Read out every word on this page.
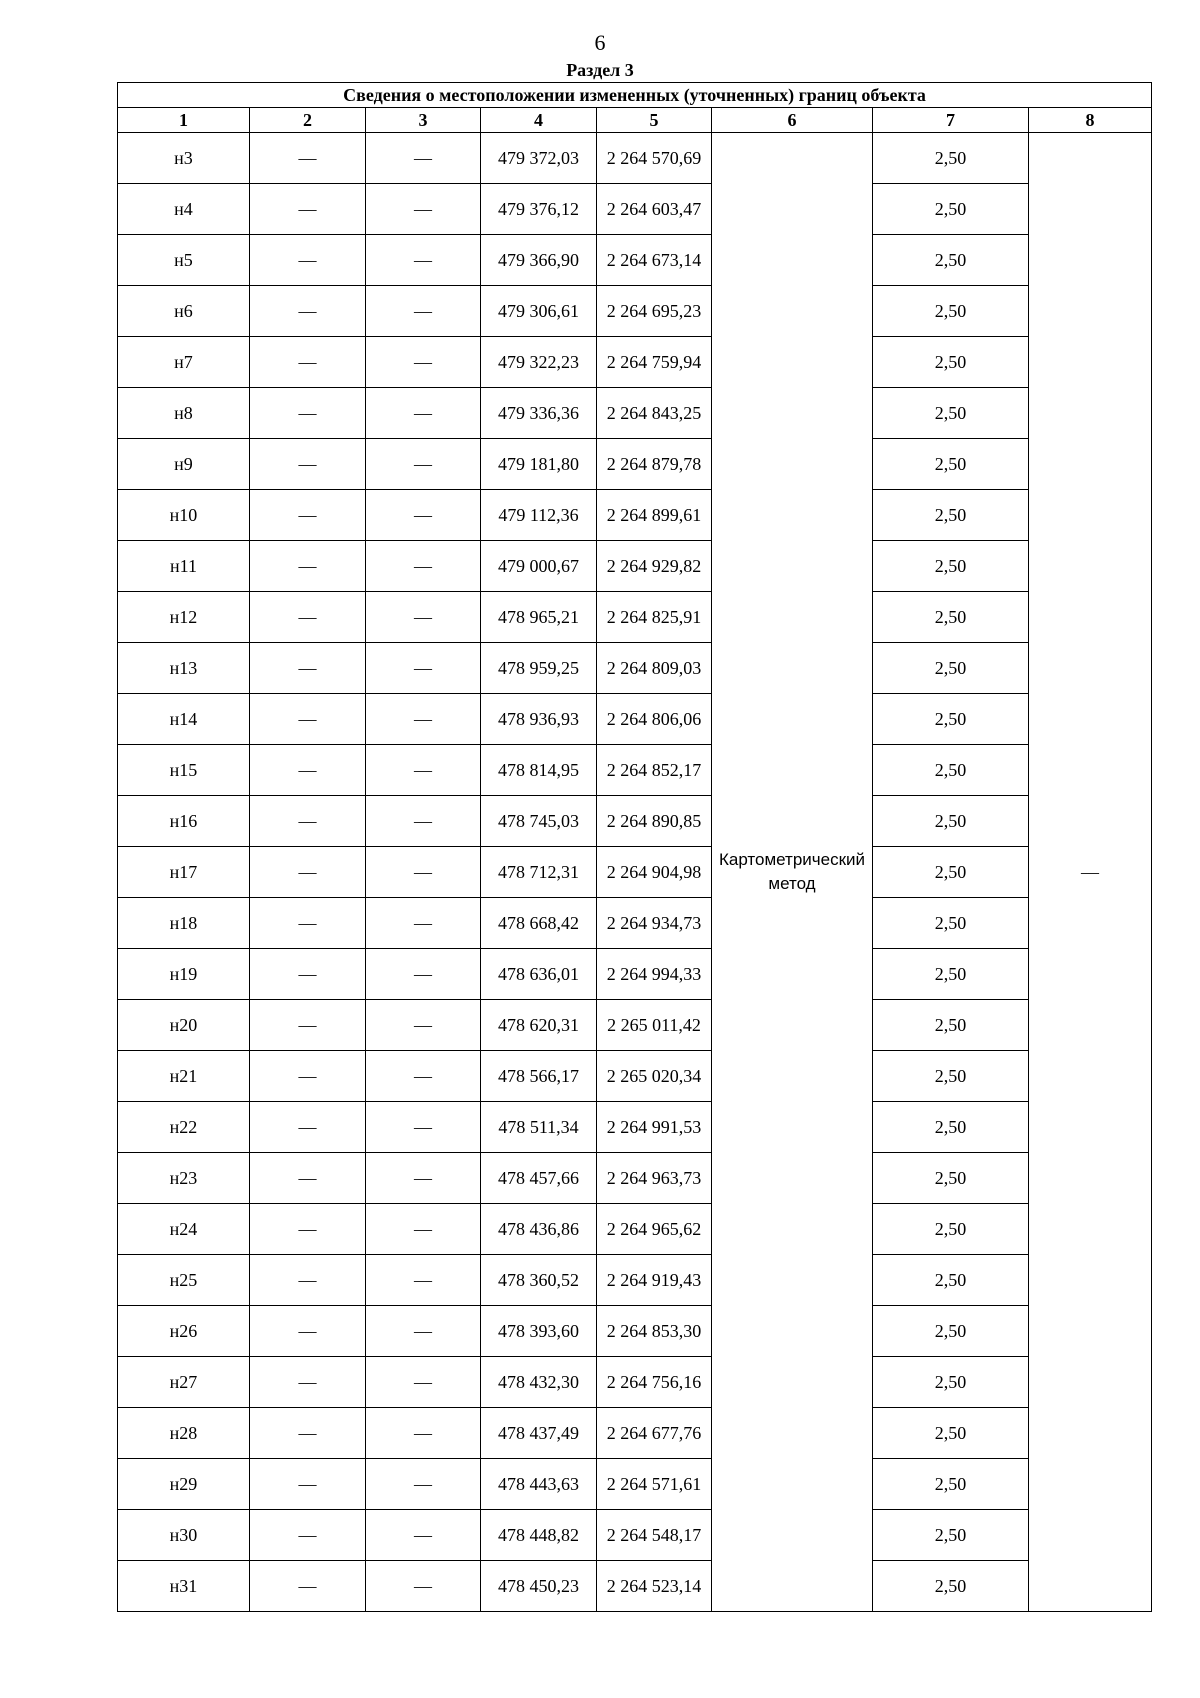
6
Раздел 3
Сведения о местоположении измененных (уточненных) границ объекта							
1	2	3	4	5	6	7	8
н3	—	—	479 372,03	2 264 570,69	Картометрический метод	2,50	—
н4	—	—	479 376,12	2 264 603,47		2,50	
н5	—	—	479 366,90	2 264 673,14		2,50	
н6	—	—	479 306,61	2 264 695,23		2,50	
н7	—	—	479 322,23	2 264 759,94		2,50	
н8	—	—	479 336,36	2 264 843,25		2,50	
н9	—	—	479 181,80	2 264 879,78		2,50	
н10	—	—	479 112,36	2 264 899,61		2,50	
н11	—	—	479 000,67	2 264 929,82		2,50	
н12	—	—	478 965,21	2 264 825,91		2,50	
н13	—	—	478 959,25	2 264 809,03		2,50	
н14	—	—	478 936,93	2 264 806,06		2,50	
н15	—	—	478 814,95	2 264 852,17		2,50	
н16	—	—	478 745,03	2 264 890,85		2,50	
н17	—	—	478 712,31	2 264 904,98		2,50	
н18	—	—	478 668,42	2 264 934,73		2,50	
н19	—	—	478 636,01	2 264 994,33		2,50	
н20	—	—	478 620,31	2 265 011,42		2,50	
н21	—	—	478 566,17	2 265 020,34		2,50	
н22	—	—	478 511,34	2 264 991,53		2,50	
н23	—	—	478 457,66	2 264 963,73		2,50	
н24	—	—	478 436,86	2 264 965,62		2,50	
н25	—	—	478 360,52	2 264 919,43		2,50	
н26	—	—	478 393,60	2 264 853,30		2,50	
н27	—	—	478 432,30	2 264 756,16		2,50	
н28	—	—	478 437,49	2 264 677,76		2,50	
н29	—	—	478 443,63	2 264 571,61		2,50	
н30	—	—	478 448,82	2 264 548,17		2,50	
н31	—	—	478 450,23	2 264 523,14		2,50	
